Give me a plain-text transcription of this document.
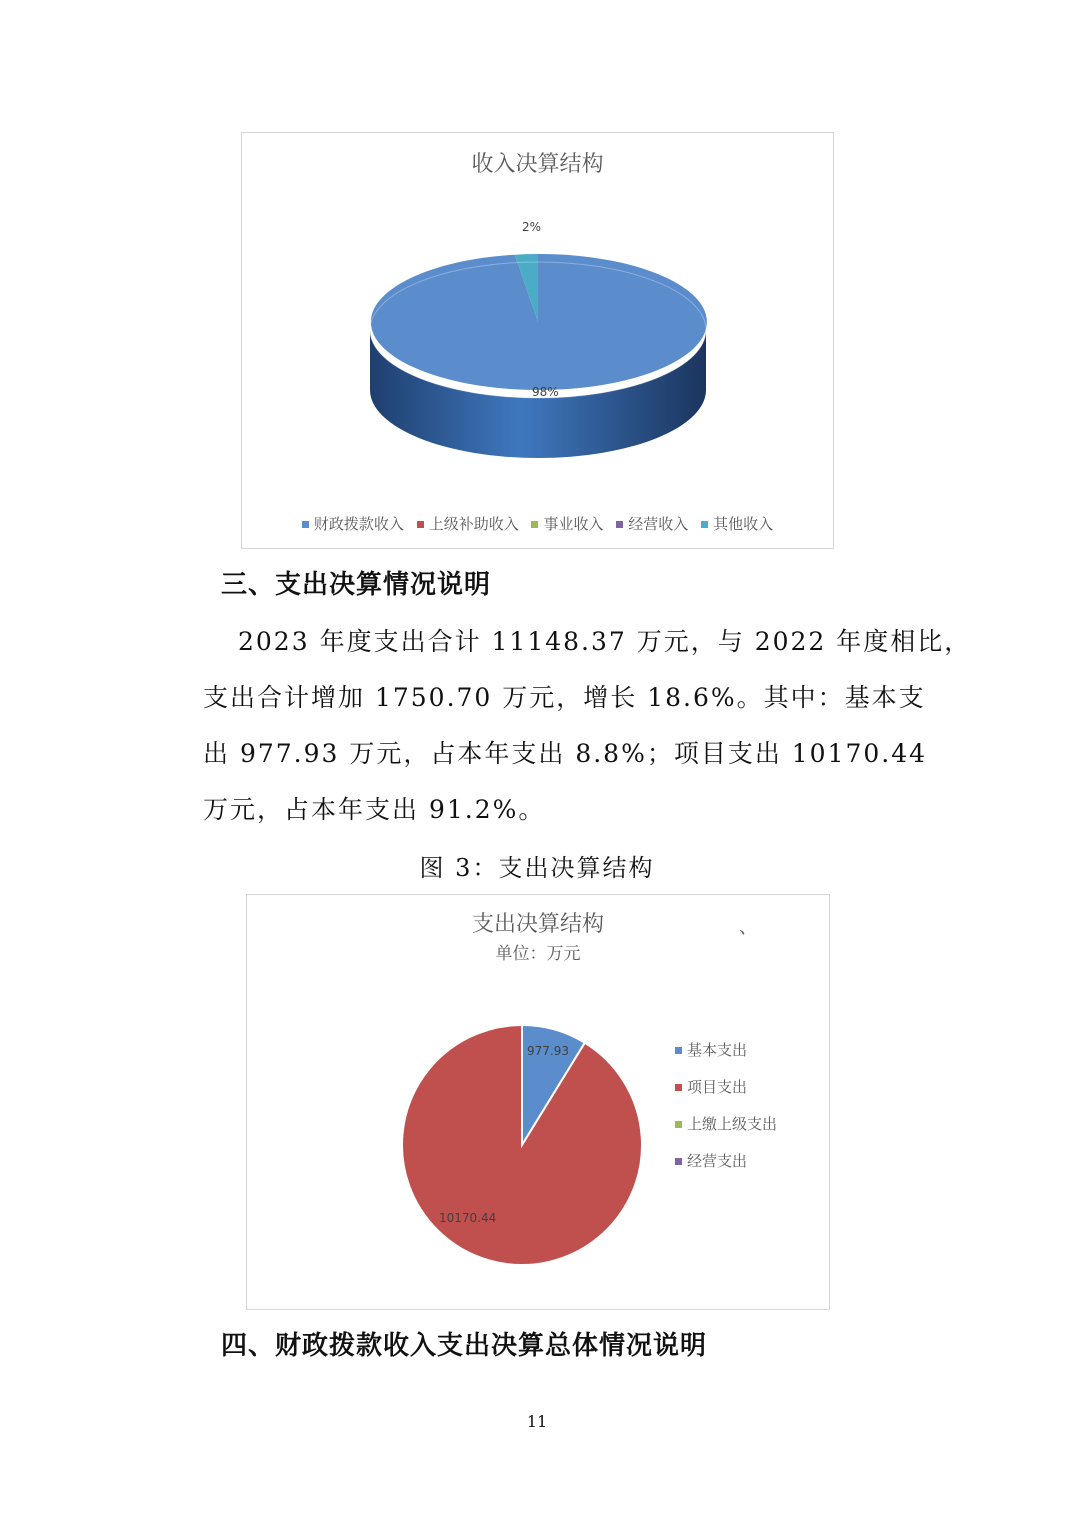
收入决算结构
2%
98%
财政拨款收入 上级补助收入 事业收入 经营收入 其他收入
三、支出决算情况说明
2023 年度支出合计 11148.37 万元，与 2022 年度相比，
支出合计增加 1750.70 万元，增长 18.6%。其中：基本支
出 977.93 万元，占本年支出 8.8%；项目支出 10170.44
万元，占本年支出 91.2%。
图 3：支出决算结构
支出决算结构
单位：万元
、
977.93
10170.44
基本支出
项目支出
上缴上级支出
经营支出
四、财政拨款收入支出决算总体情况说明
11
